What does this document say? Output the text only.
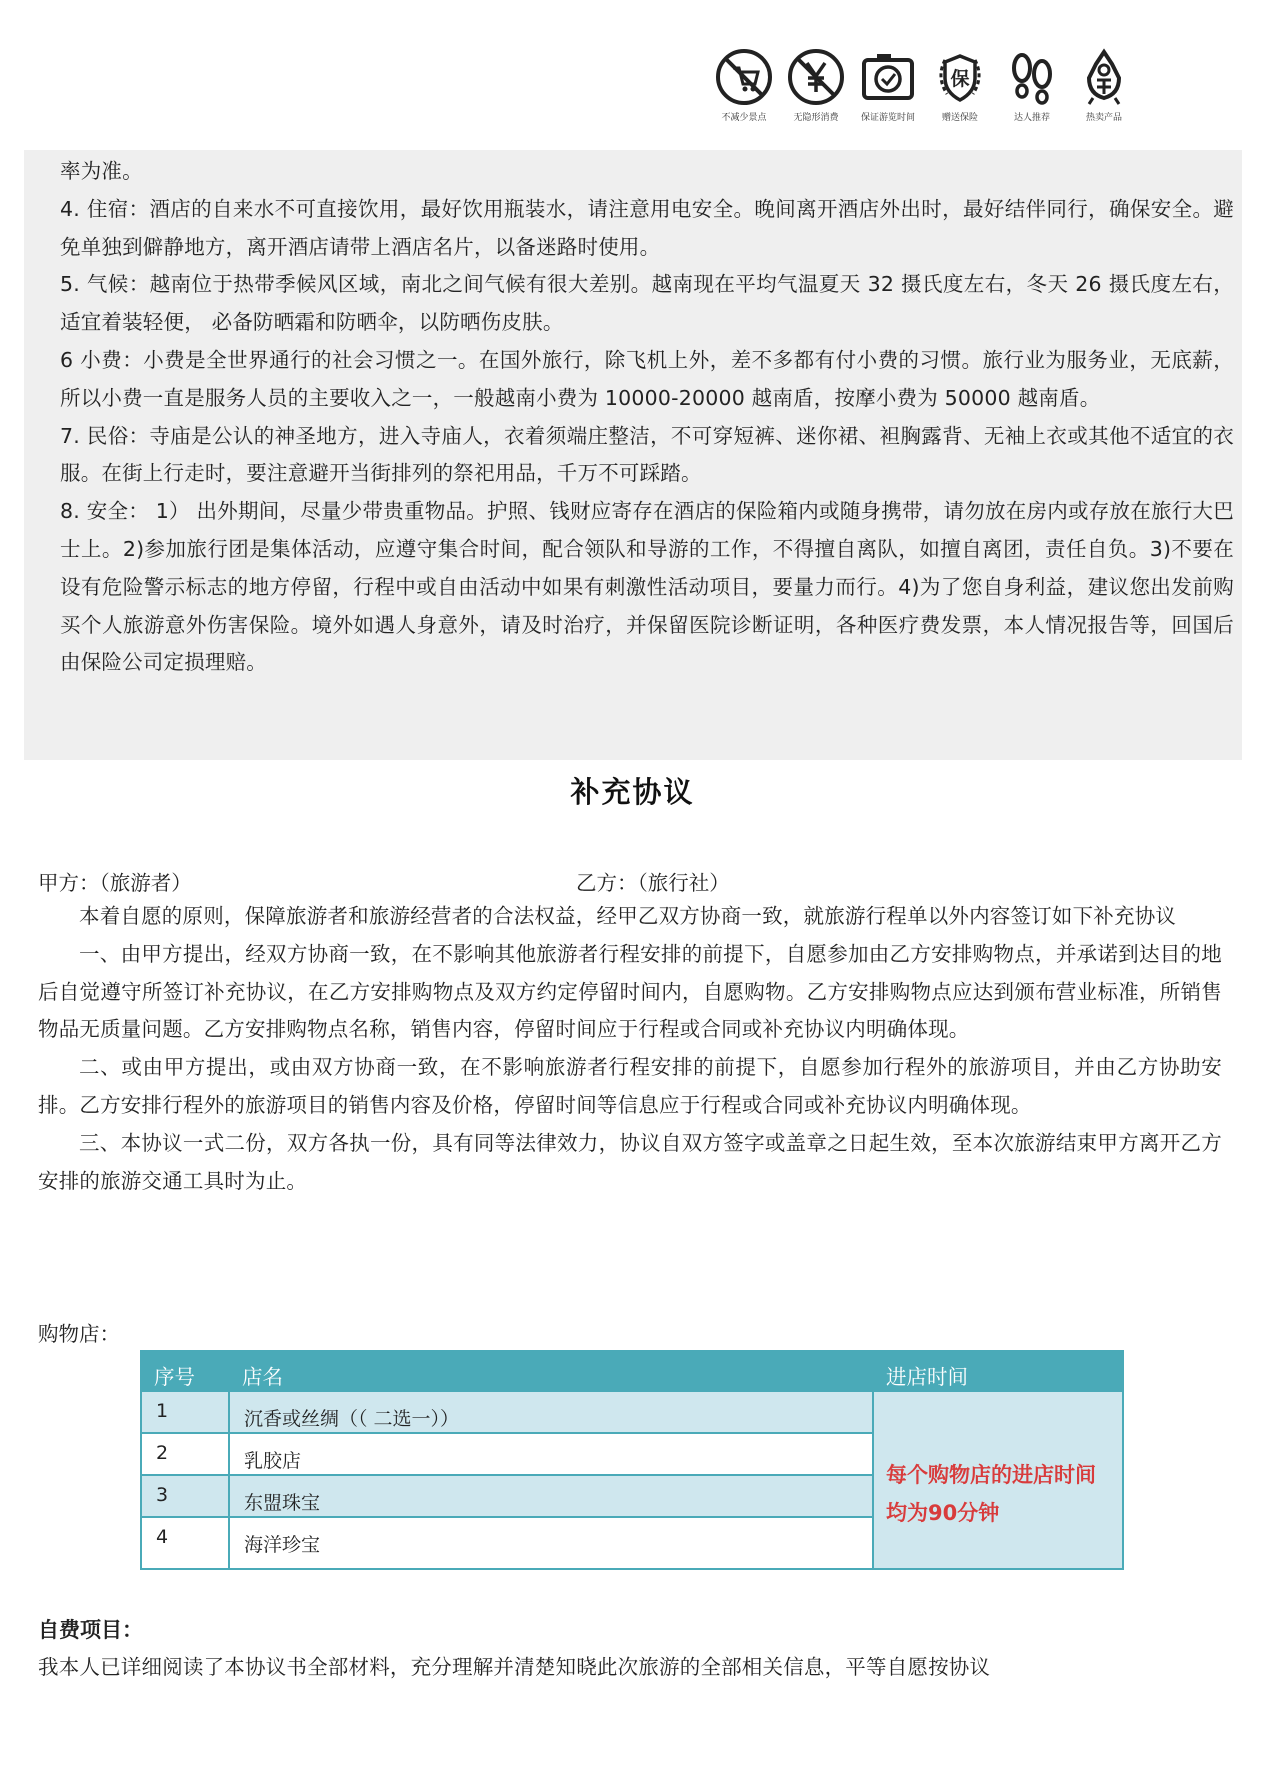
不减少景点	无隐形消费	保证游览时间
保
赠送保险	达人推荐	热卖产品

率为准。

4. 住宿：酒店的自来水不可直接饮用，最好饮用瓶装水，请注意用电安全。晚间离开酒店外出时，最好结伴同行，确保安全。避免单独到僻静地方，离开酒店请带上酒店名片，以备迷路时使用。

5. 气候：越南位于热带季候风区域，南北之间气候有很大差别。越南现在平均气温夏天 32 摄氏度左右，冬天 26 摄氏度左右，适宜着装轻便， 必备防晒霜和防晒伞，以防晒伤皮肤。

6 小费：小费是全世界通行的社会习惯之一。在国外旅行，除飞机上外，差不多都有付小费的习惯。旅行业为服务业，无底薪，所以小费一直是服务人员的主要收入之一，一般越南小费为 10000-20000 越南盾，按摩小费为 50000 越南盾。

7. 民俗：寺庙是公认的神圣地方，进入寺庙人，衣着须端庄整洁，不可穿短裤、迷你裙、袒胸露背、无袖上衣或其他不适宜的衣服。在街上行走时，要注意避开当街排列的祭祀用品，千万不可踩踏。

8. 安全： 1） 出外期间，尽量少带贵重物品。护照、钱财应寄存在酒店的保险箱内或随身携带，请勿放在房内或存放在旅行大巴士上。2)参加旅行团是集体活动，应遵守集合时间，配合领队和导游的工作，不得擅自离队，如擅自离团，责任自负。3)不要在设有危险警示标志的地方停留，行程中或自由活动中如果有刺激性活动项目，要量力而行。4)为了您自身利益，建议您出发前购买个人旅游意外伤害保险。境外如遇人身意外，请及时治疗，并保留医院诊断证明，各种医疗费发票，本人情况报告等，回国后由保险公司定损理赔。

补充协议
甲方：（旅游者）	乙方：（旅行社）

本着自愿的原则，保障旅游者和旅游经营者的合法权益，经甲乙双方协商一致，就旅游行程单以外内容签订如下补充协议

一、由甲方提出，经双方协商一致，在不影响其他旅游者行程安排的前提下，自愿参加由乙方安排购物点，并承诺到达目的地后自觉遵守所签订补充协议，在乙方安排购物点及双方约定停留时间内，自愿购物。乙方安排购物点应达到颁布营业标准，所销售物品无质量问题。乙方安排购物点名称，销售内容，停留时间应于行程或合同或补充协议内明确体现。

二、或由甲方提出，或由双方协商一致，在不影响旅游者行程安排的前提下，自愿参加行程外的旅游项目，并由乙方协助安排。乙方安排行程外的旅游项目的销售内容及价格，停留时间等信息应于行程或合同或补充协议内明确体现。

三、本协议一式二份，双方各执一份，具有同等法律效力，协议自双方签字或盖章之日起生效，至本次旅游结束甲方离开乙方安排的旅游交通工具时为止。

购物店：
序号 店名	进店时间
1	沉香或丝绸（（ 二选一））
2	乳胶店
3	东盟珠宝
4	海洋珍宝
每个购物店的进店时间均为90分钟
自费项目：
我本人已详细阅读了本协议书全部材料，充分理解并清楚知晓此次旅游的全部相关信息，平等自愿按协议
